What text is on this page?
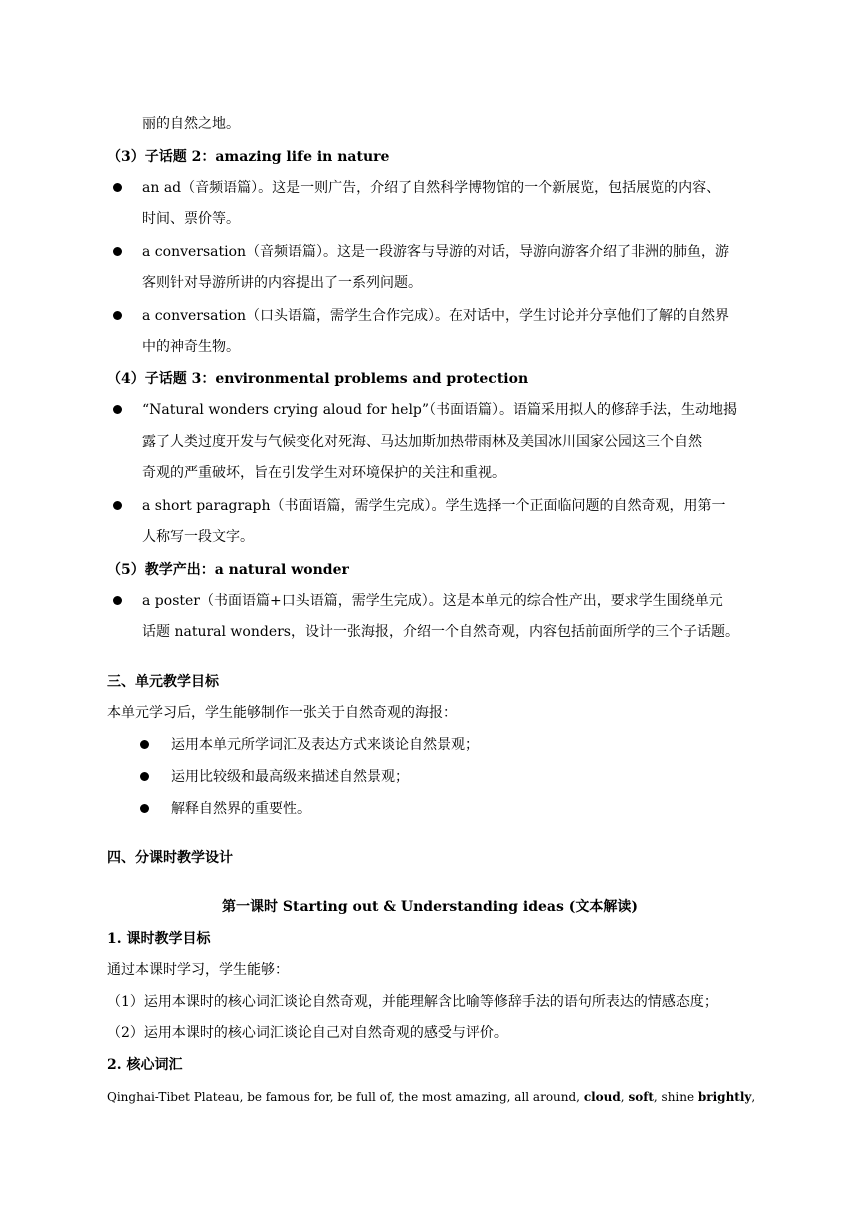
丽的自然之地。
（3）子话题 2：amazing life in nature
an ad（音频语篇）。这是一则广告，介绍了自然科学博物馆的一个新展览，包括展览的内容、
时间、票价等。
a conversation（音频语篇）。这是一段游客与导游的对话，导游向游客介绍了非洲的肺鱼，游
客则针对导游所讲的内容提出了一系列问题。
a conversation（口头语篇，需学生合作完成）。在对话中，学生讨论并分享他们了解的自然界
中的神奇生物。
（4）子话题 3：environmental problems and protection
“Natural wonders crying aloud for help”（书面语篇）。语篇采用拟人的修辞手法，生动地揭
露了人类过度开发与气候变化对死海、马达加斯加热带雨林及美国冰川国家公园这三个自然
奇观的严重破坏，旨在引发学生对环境保护的关注和重视。
a short paragraph（书面语篇，需学生完成）。学生选择一个正面临问题的自然奇观，用第一
人称写一段文字。
（5）教学产出：a natural wonder
a poster（书面语篇+口头语篇，需学生完成）。这是本单元的综合性产出，要求学生围绕单元
话题 natural wonders，设计一张海报，介绍一个自然奇观，内容包括前面所学的三个子话题。
三、单元教学目标
本单元学习后，学生能够制作一张关于自然奇观的海报：
运用本单元所学词汇及表达方式来谈论自然景观；
运用比较级和最高级来描述自然景观；
解释自然界的重要性。
四、分课时教学设计
第一课时 Starting out & Understanding ideas (文本解读)
1. 课时教学目标
通过本课时学习，学生能够：
（1）运用本课时的核心词汇谈论自然奇观，并能理解含比喻等修辞手法的语句所表达的情感态度；
（2）运用本课时的核心词汇谈论自己对自然奇观的感受与评价。
2. 核心词汇
Qinghai-Tibet Plateau, be famous for, be full of, the most amazing, all around, cloud, soft, shine brightly,
